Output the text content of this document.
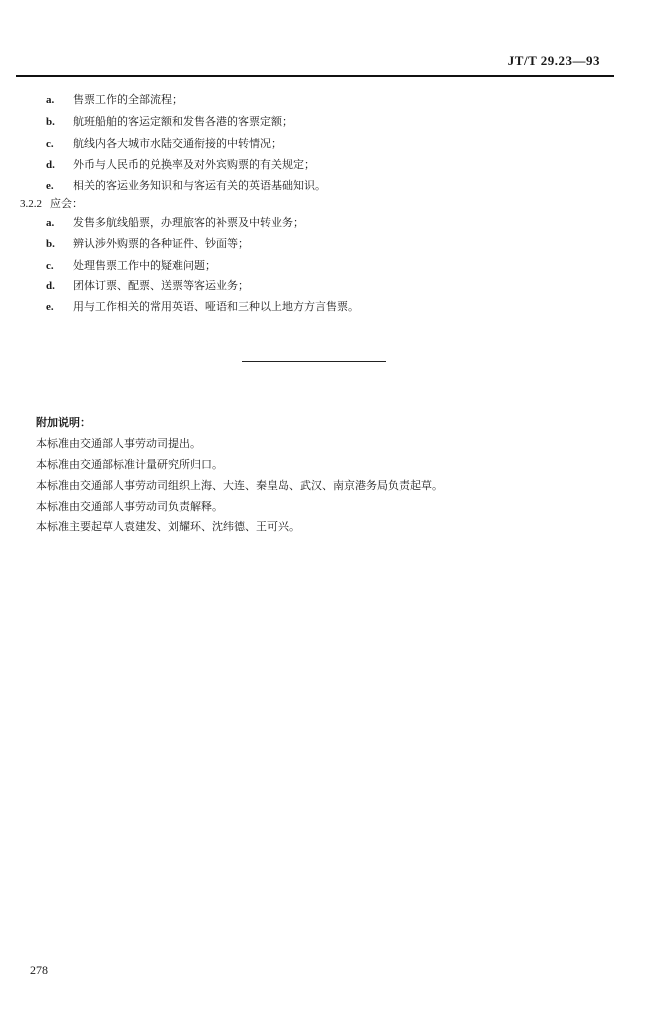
JT/T 29.23—93
a. 售票工作的全部流程；
b. 航班船舶的客运定额和发售各港的客票定额；
c. 航线内各大城市水陆交通衔接的中转情况；
d. 外币与人民币的兑换率及对外宾购票的有关规定；
e. 相关的客运业务知识和与客运有关的英语基础知识。
3.2.2 应会：
a. 发售多航线船票，办理旅客的补票及中转业务；
b. 辨认涉外购票的各种证件、钞面等；
c. 处理售票工作中的疑难问题；
d. 团体订票、配票、送票等客运业务；
e. 用与工作相关的常用英语、哑语和三种以上地方方言售票。
附加说明：
本标准由交通部人事劳动司提出。
本标准由交通部标准计量研究所归口。
本标准由交通部人事劳动司组织上海、大连、秦皇岛、武汉、南京港务局负责起草。
本标准由交通部人事劳动司负责解释。
本标准主要起草人袁建发、刘耀环、沈纬德、王可兴。
278
